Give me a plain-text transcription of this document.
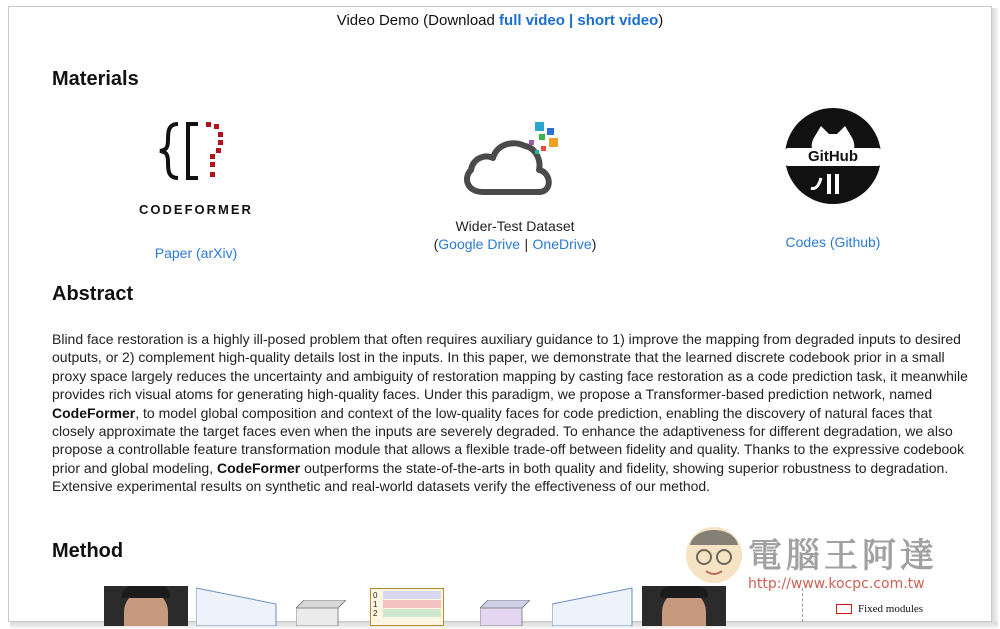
Video Demo (Download full video | short video)
Materials
Abstract
Method
CODEFORMER
Paper (arXiv)
Wider-Test Dataset
(Google Drive | OneDrive)
GitHub
Codes (Github)
Blind face restoration is a highly ill-posed problem that often requires auxiliary guidance to 1) improve the mapping from degraded inputs to desired outputs, or 2) complement high-quality details lost in the inputs. In this paper, we demonstrate that the learned discrete codebook prior in a small proxy space largely reduces the uncertainty and ambiguity of restoration mapping by casting face restoration as a code prediction task, it meanwhile provides rich visual atoms for generating high-quality faces. Under this paradigm, we propose a Transformer-based prediction network, named CodeFormer, to model global composition and context of the low-quality faces for code prediction, enabling the discovery of natural faces that closely approximate the target faces even when the inputs are severely degraded. To enhance the adaptiveness for different degradation, we also propose a controllable feature transformation module that allows a flexible trade-off between fidelity and quality. Thanks to the expressive codebook prior and global modeling, CodeFormer outperforms the state-of-the-arts in both quality and fidelity, showing superior robustness to degradation. Extensive experimental results on synthetic and real-world datasets verify the effectiveness of our method.
0
1
2	Fixed modules
電腦王阿達
http://www.kocpc.com.tw
